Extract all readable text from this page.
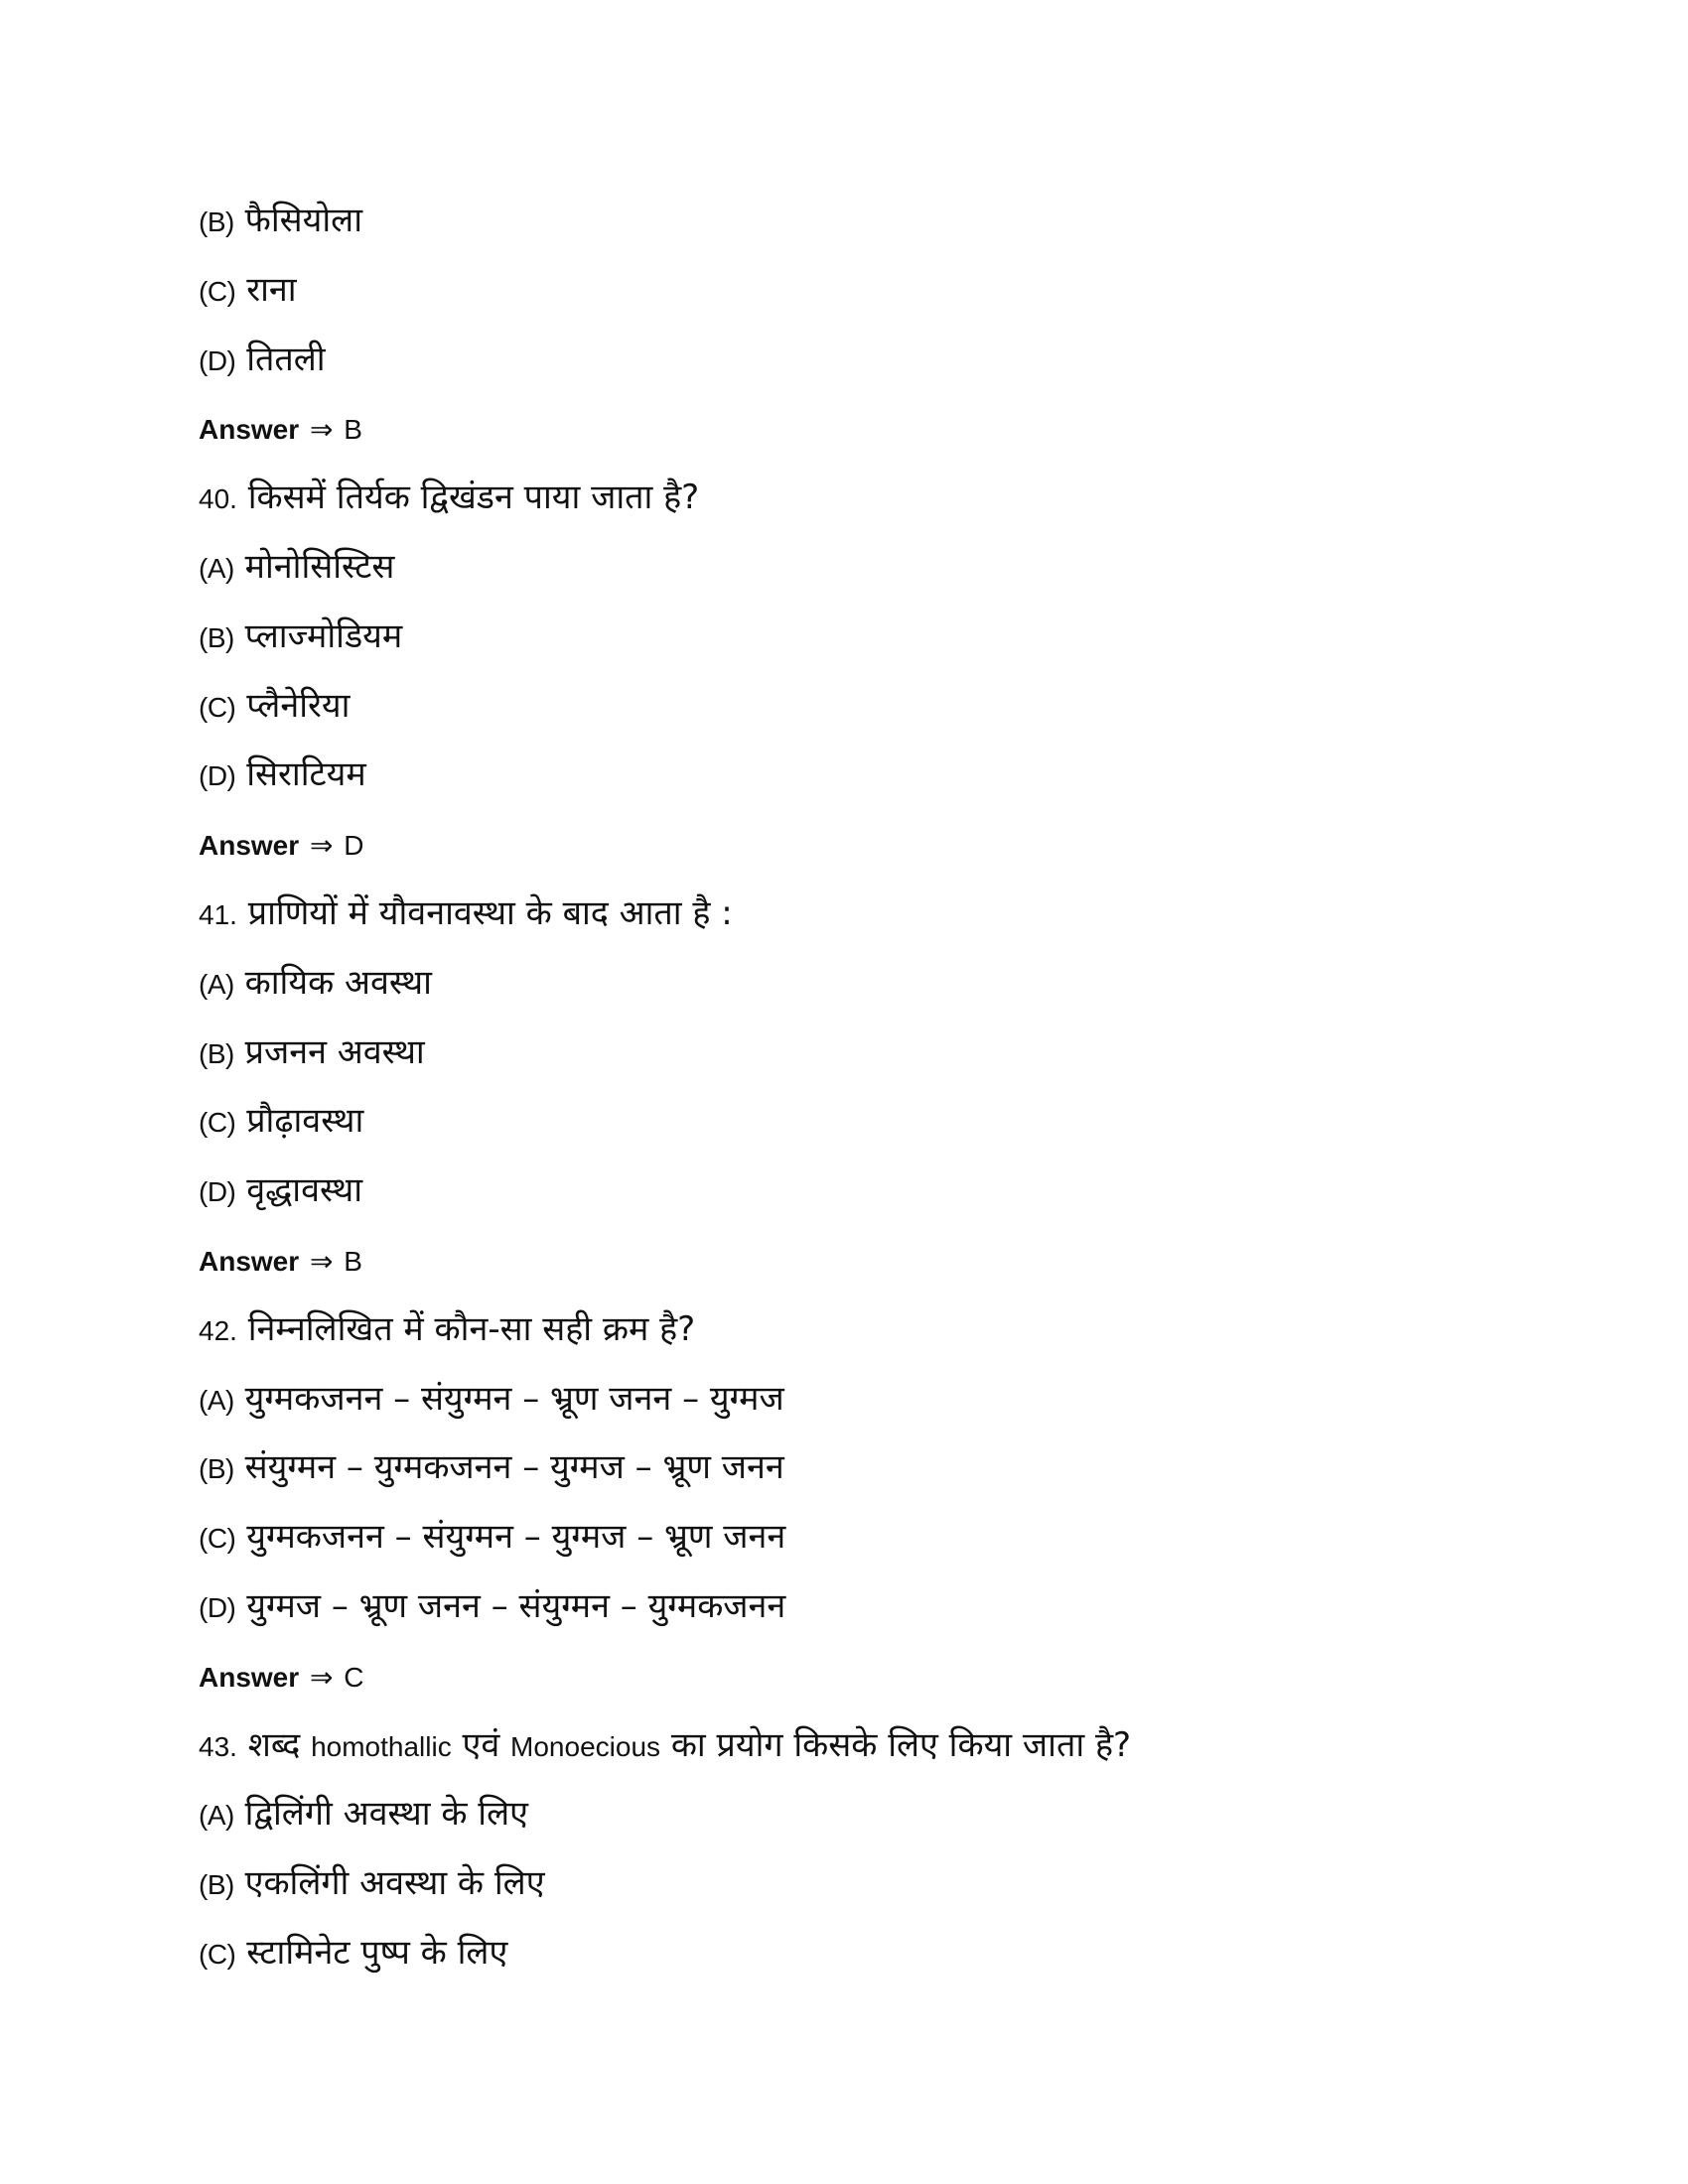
(B) फैसियोला
(C) राना
(D) तितली
Answer ⇒ B
40. किसमें तिर्यक द्विखंडन पाया जाता है?
(A) मोनोसिस्टिस
(B) प्लाज्मोडियम
(C) प्लैनेरिया
(D) सिराटियम
Answer ⇒ D
41. प्राणियों में यौवनावस्था के बाद आता है :
(A) कायिक अवस्था
(B) प्रजनन अवस्था
(C) प्रौढ़ावस्था
(D) वृद्धावस्था
Answer ⇒ B
42. निम्नलिखित में कौन-सा सही क्रम है?
(A) युग्मकजनन – संयुग्मन – भ्रूण जनन – युग्मज
(B) संयुग्मन – युग्मकजनन – युग्मज – भ्रूण जनन
(C) युग्मकजनन – संयुग्मन – युग्मज – भ्रूण जनन
(D) युग्मज – भ्रूण जनन – संयुग्मन – युग्मकजनन
Answer ⇒ C
43. शब्द homothallic एवं Monoecious का प्रयोग किसके लिए किया जाता है?
(A) द्विलिंगी अवस्था के लिए
(B) एकलिंगी अवस्था के लिए
(C) स्टामिनेट पुष्प के लिए
